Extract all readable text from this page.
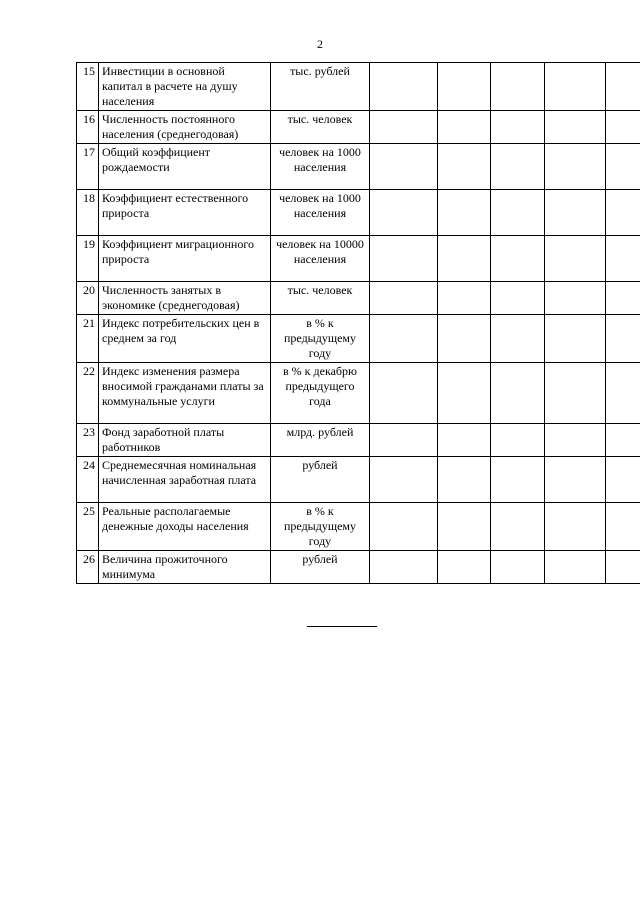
2
15	Инвестиции в основной капитал в расчете на душу населения	тыс. рублей					
16	Численность постоянного населения (среднегодовая)	тыс. человек					
17	Общий коэффициент рождаемости	человек на 1000 населения					
18	Коэффициент естественного прироста	человек на 1000 населения					
19	Коэффициент миграционного прироста	человек на 10000 населения					
20	Численность занятых в экономике (среднегодовая)	тыс. человек					
21	Индекс потребительских цен в среднем за год	в % к предыдущему году					
22	Индекс изменения размера вносимой гражданами платы за коммунальные услуги	в % к декабрю предыдущего года					
23	Фонд заработной платы работников	млрд. рублей					
24	Среднемесячная номинальная начисленная заработная плата	рублей					
25	Реальные располагаемые денежные доходы населения	в % к предыдущему году					
26	Величина прожиточного минимума	рублей					
